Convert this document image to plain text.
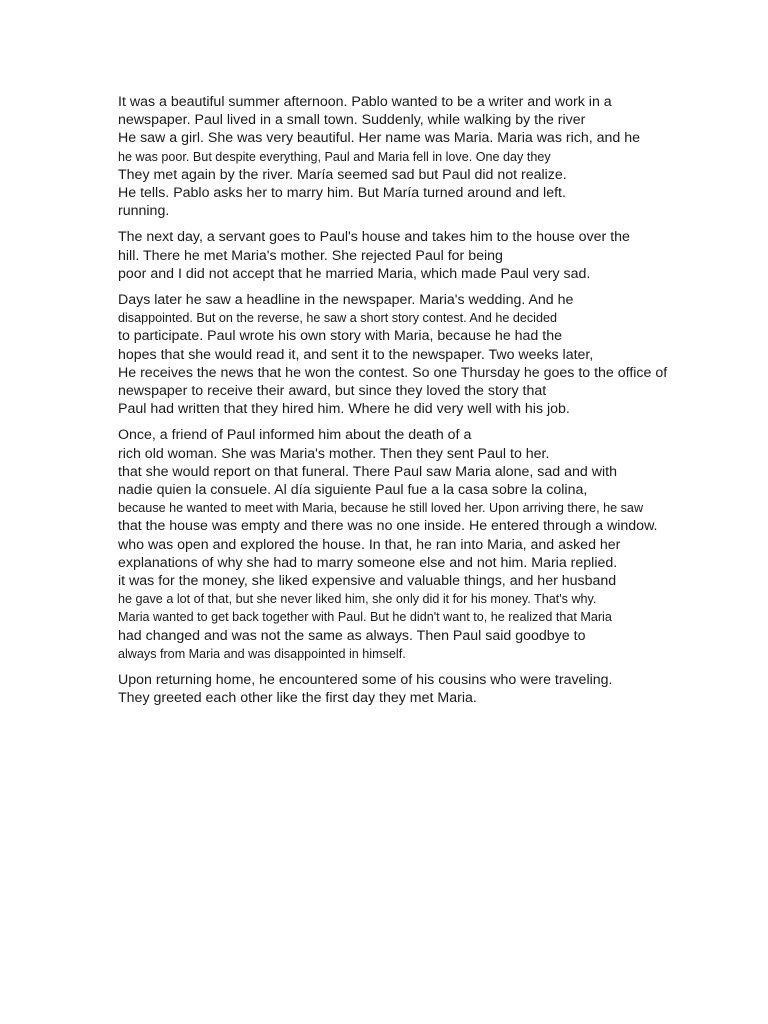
It was a beautiful summer afternoon. Pablo wanted to be a writer and work in a
newspaper. Paul lived in a small town. Suddenly, while walking by the river
He saw a girl. She was very beautiful. Her name was Maria. Maria was rich, and he
he was poor. But despite everything, Paul and Maria fell in love. One day they
They met again by the river. María seemed sad but Paul did not realize.
He tells. Pablo asks her to marry him. But María turned around and left.
running.

The next day, a servant goes to Paul's house and takes him to the house over the
hill. There he met Maria's mother. She rejected Paul for being
poor and I did not accept that he married Maria, which made Paul very sad.

Days later he saw a headline in the newspaper. Maria's wedding. And he
disappointed. But on the reverse, he saw a short story contest. And he decided
to participate. Paul wrote his own story with Maria, because he had the
hopes that she would read it, and sent it to the newspaper. Two weeks later,
He receives the news that he won the contest. So one Thursday he goes to the office of
newspaper to receive their award, but since they loved the story that
Paul had written that they hired him. Where he did very well with his job.

Once, a friend of Paul informed him about the death of a
rich old woman. She was Maria's mother. Then they sent Paul to her.
that she would report on that funeral. There Paul saw Maria alone, sad and with
nadie quien la consuele. Al día siguiente Paul fue a la casa sobre la colina,
because he wanted to meet with Maria, because he still loved her. Upon arriving there, he saw
that the house was empty and there was no one inside. He entered through a window.
who was open and explored the house. In that, he ran into Maria, and asked her
explanations of why she had to marry someone else and not him. Maria replied.
it was for the money, she liked expensive and valuable things, and her husband
he gave a lot of that, but she never liked him, she only did it for his money. That's why.
Maria wanted to get back together with Paul. But he didn't want to, he realized that Maria
had changed and was not the same as always. Then Paul said goodbye to
always from Maria and was disappointed in himself.

Upon returning home, he encountered some of his cousins who were traveling.
They greeted each other like the first day they met Maria.
